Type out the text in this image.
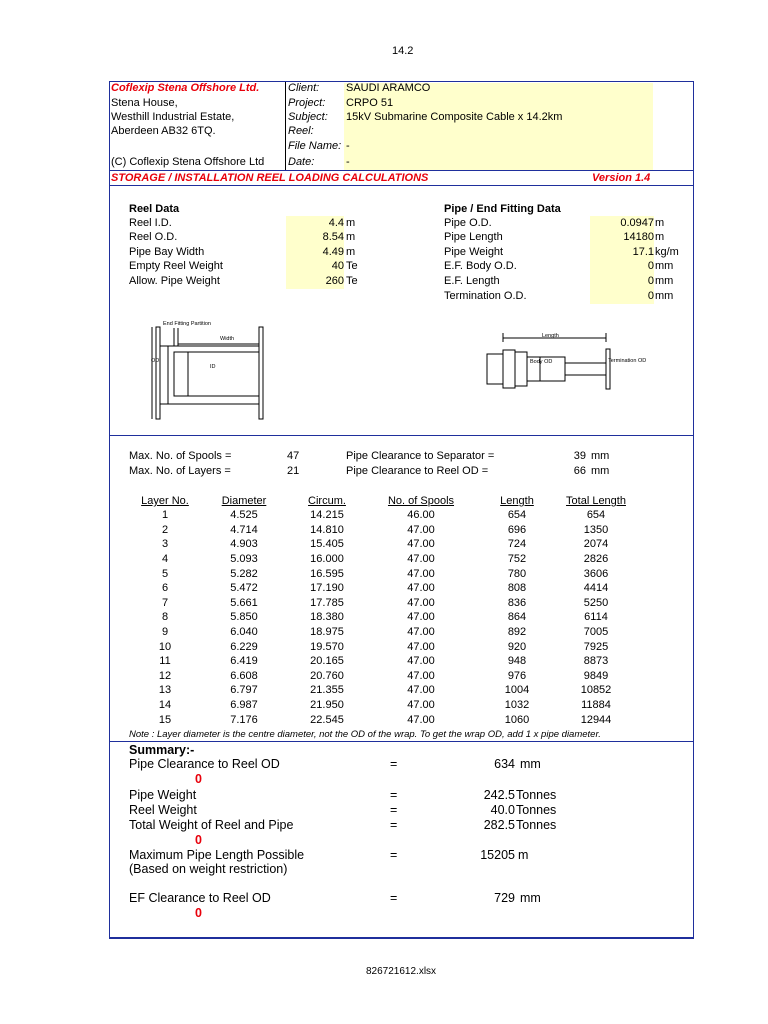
14.2
826721612.xlsx
Coflexip Stena Offshore Ltd.
Stena House,
Westhill Industrial Estate,
Aberdeen AB32 6TQ.
(C) Coflexip Stena Offshore Ltd
Client: SAUDI ARAMCO
Project: CRPO 51
Subject: 15kV Submarine Composite Cable x 14.2km
Reel:
File Name: -
Date:	-
STORAGE / INSTALLATION REEL LOADING CALCULATIONS	Version 1.4
Reel Data
Reel I.D.	4.4 m
Reel O.D.	8.54 m
Pipe Bay Width	4.49 m
Empty Reel Weight	40 Te
Allow. Pipe Weight	260 Te
Pipe / End Fitting Data
Pipe O.D.	0.0947 m
Pipe Length	14180 m
Pipe Weight	17.1 kg/m
E.F. Body O.D.	0 mm
E.F. Length	0 mm
Termination O.D.	0 mm
End Fitting Partition
Width
OD
ID
Length
Body OD	Termination OD
Max. No. of Spools =	47
Max. No. of Layers =	21
Pipe Clearance to Separator =	39 mm
Pipe Clearance to Reel OD =	66 mm
Layer No.	Diameter	Circum.	No. of Spools	Length	Total Length
1	4.525	14.215	46.00	654	654
2	4.714	14.810	47.00	696	1350
3	4.903	15.405	47.00	724	2074
4	5.093	16.000	47.00	752	2826
5	5.282	16.595	47.00	780	3606
6	5.472	17.190	47.00	808	4414
7	5.661	17.785	47.00	836	5250
8	5.850	18.380	47.00	864	6114
9	6.040	18.975	47.00	892	7005
10	6.229	19.570	47.00	920	7925
11	6.419	20.165	47.00	948	8873
12	6.608	20.760	47.00	976	9849
13	6.797	21.355	47.00	1004	10852
14	6.987	21.950	47.00	1032	11884
15	7.176	22.545	47.00	1060	12944
Note : Layer diameter is the centre diameter, not the OD of the wrap. To get the wrap OD, add 1 x pipe diameter.
Summary:-
Pipe Clearance to Reel OD	=	634 mm
0
Pipe Weight	=	242.5 Tonnes
Reel Weight	=	40.0 Tonnes
Total Weight of Reel and Pipe	=	282.5 Tonnes
0
Maximum Pipe Length Possible
(Based on weight restriction)
=	15205 m
EF Clearance to Reel OD	=	729 mm
0
